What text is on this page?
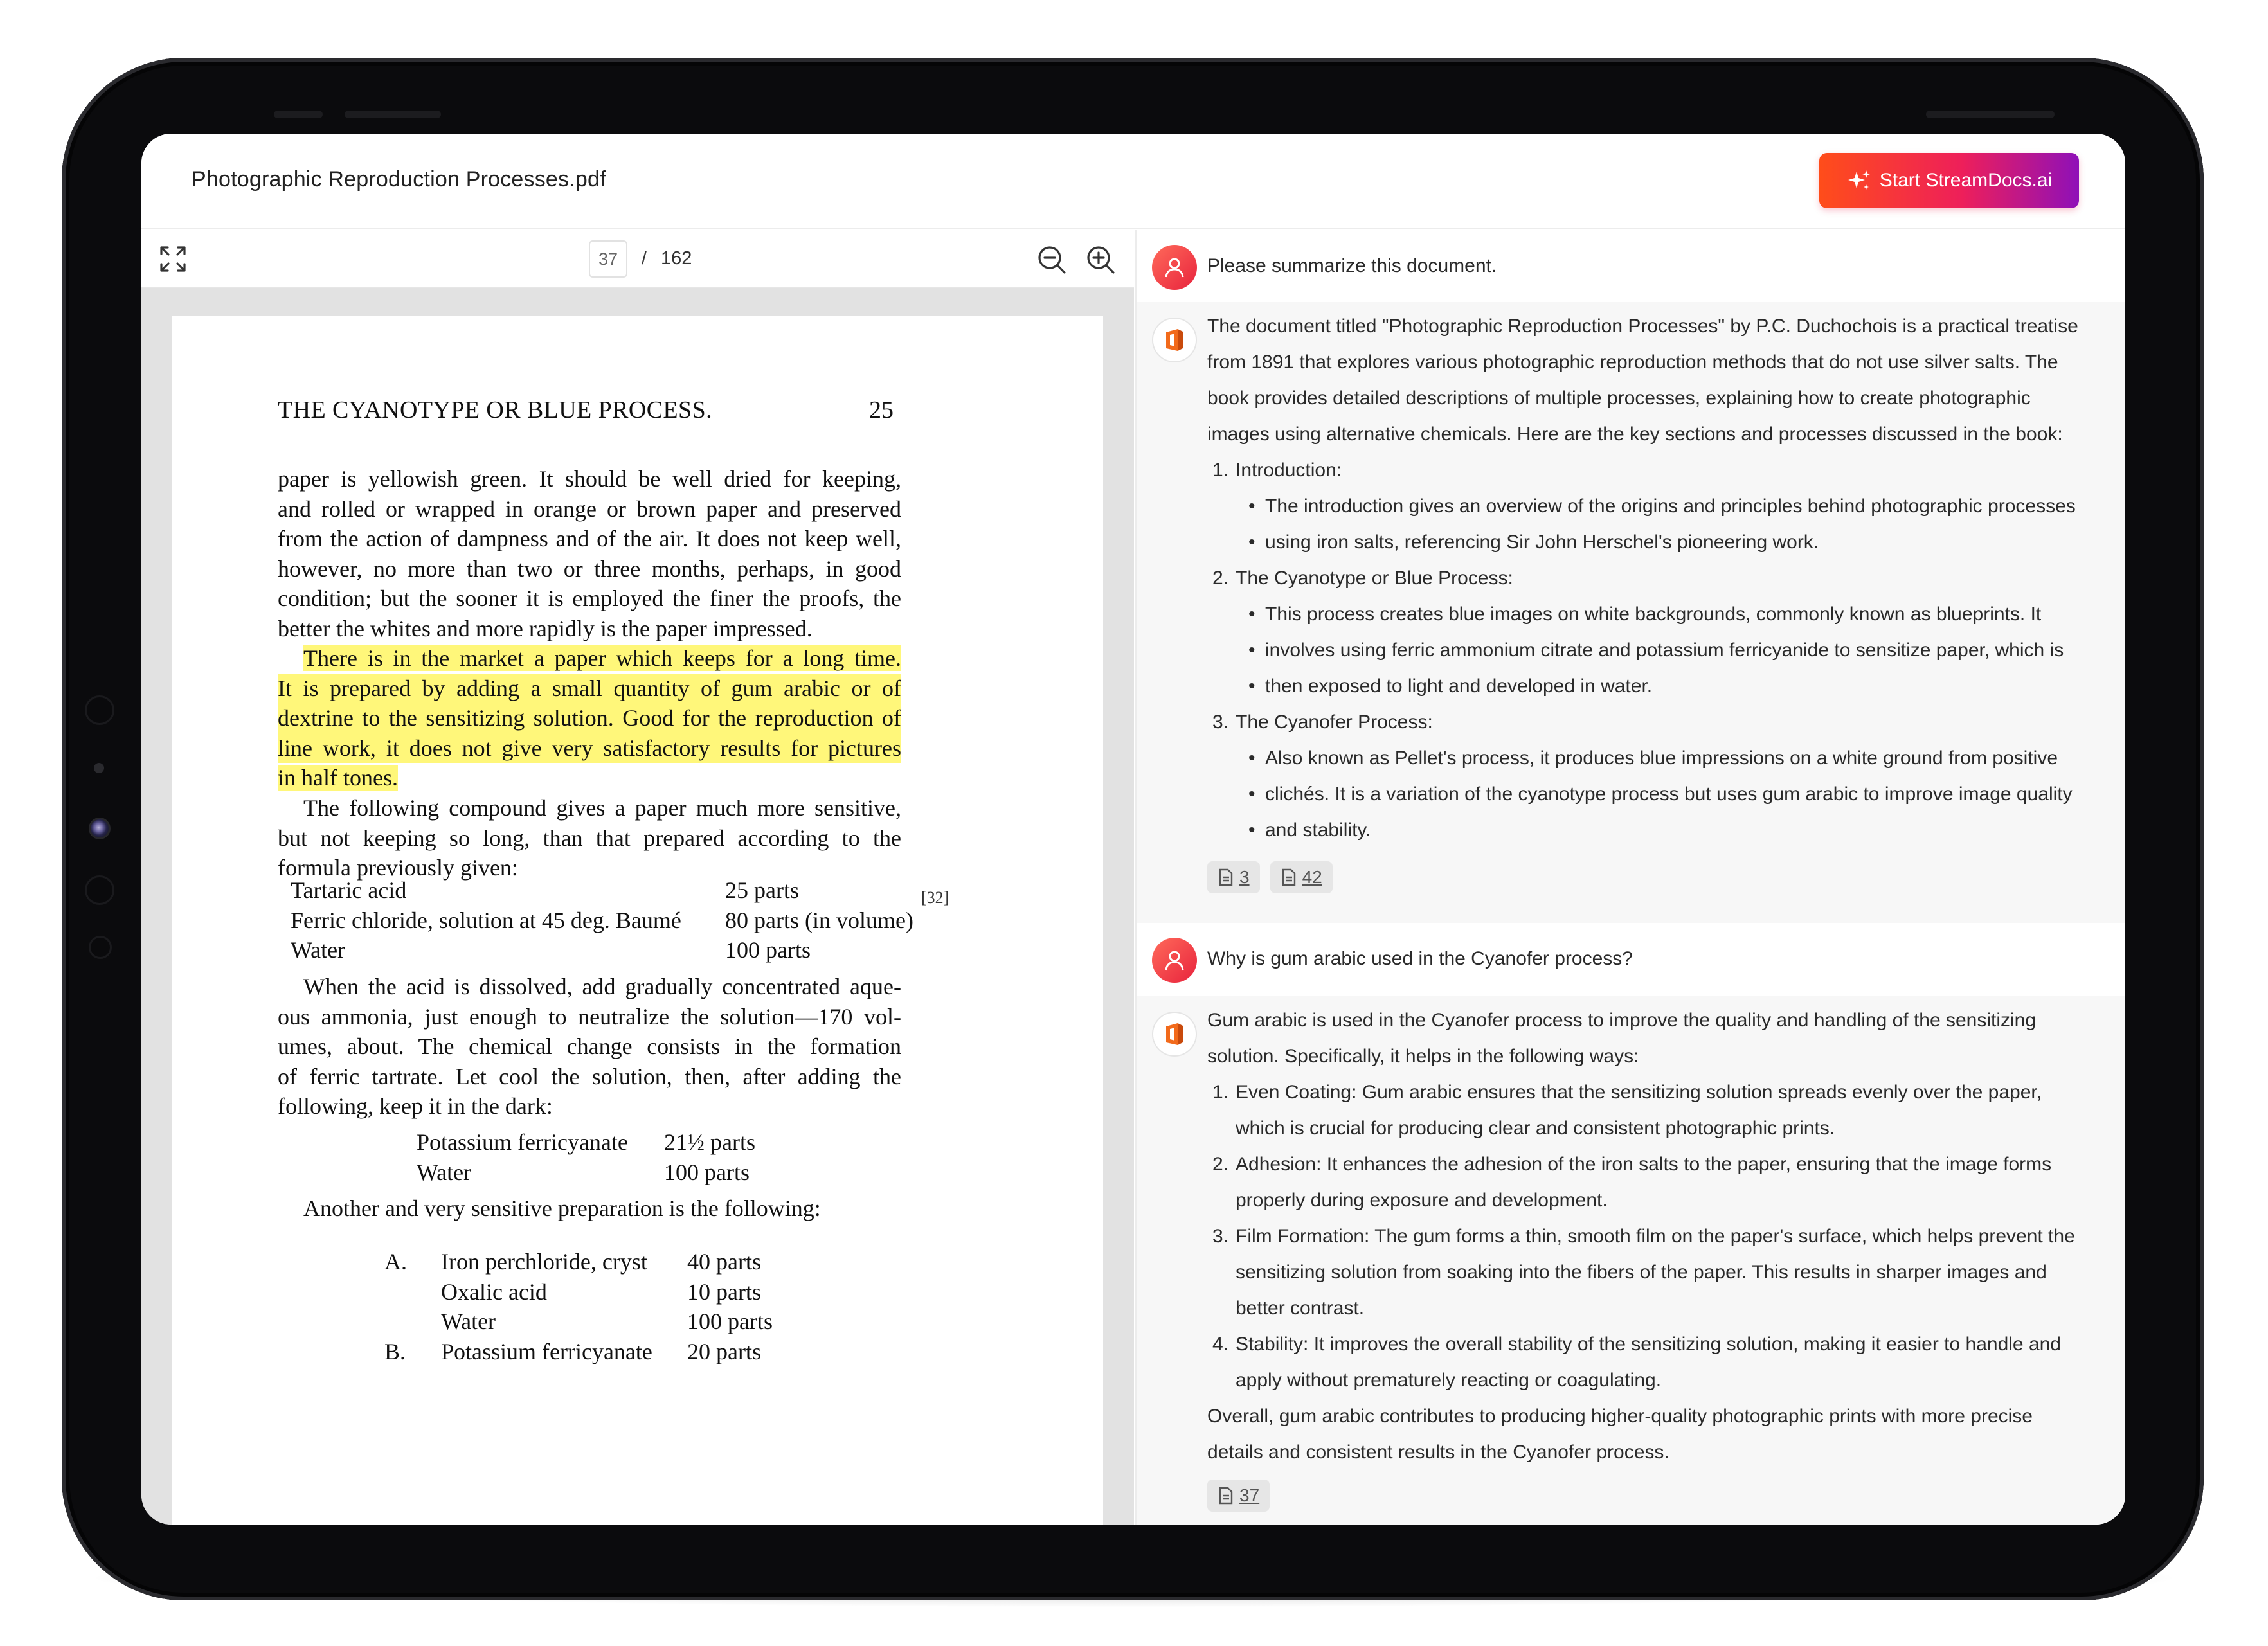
Photographic Reproduction Processes.pdf	Start StreamDocs.ai
37	/ 162
THE CYANOTYPE OR BLUE PROCESS.	25
paper is yellowish green. It should be well dried for keeping,
and rolled or wrapped in orange or brown paper and preserved
from the action of dampness and of the air. It does not keep well,
however, no more than two or three months, perhaps, in good
condition; but the sooner it is employed the finer the proofs, the
better the whites and more rapidly is the paper impressed.
There is in the market a paper which keeps for a long time.
It is prepared by adding a small quantity of gum arabic or of
dextrine to the sensitizing solution. Good for the reproduction of
line work, it does not give very satisfactory results for pictures
in half tones.
[32]
The following compound gives a paper much more sensitive,
but not keeping so long, than that prepared according to the
formula previously given:
Tartaric acid	25 parts
Ferric chloride, solution at 45 deg. Baumé	80 parts (in volume)
Water	100 parts
When the acid is dissolved, add gradually concentrated aque-
ous ammonia, just enough to neutralize the solution—170 vol-
umes, about. The chemical change consists in the formation
of ferric tartrate. Let cool the solution, then, after adding the
following, keep it in the dark:
Potassium ferricyanate	21½ parts
Water	100 parts
Another and very sensitive preparation is the following:
A.	Iron perchloride, cryst	40 parts
Oxalic acid	10 parts
Water	100 parts
B.	Potassium ferricyanate	20 parts
Please summarize this document.

The document titled "Photographic Reproduction Processes" by P.C. Duchochois is a practical treatise

from 1891 that explores various photographic reproduction methods that do not use silver salts. The

book provides detailed descriptions of multiple processes, explaining how to create photographic

images using alternative chemicals. Here are the key sections and processes discussed in the book:

1. Introduction:
• The introduction gives an overview of the origins and principles behind photographic processes
• using iron salts, referencing Sir John Herschel's pioneering work.
2. The Cyanotype or Blue Process:
• This process creates blue images on white backgrounds, commonly known as blueprints. It
• involves using ferric ammonium citrate and potassium ferricyanide to sensitize paper, which is
• then exposed to light and developed in water.
3. The Cyanofer Process:
• Also known as Pellet's process, it produces blue impressions on a white ground from positive
• clichés. It is a variation of the cyanotype process but uses gum arabic to improve image quality
• and stability.
3	42
Why is gum arabic used in the Cyanofer process?

Gum arabic is used in the Cyanofer process to improve the quality and handling of the sensitizing

solution. Specifically, it helps in the following ways:

1. Even Coating: Gum arabic ensures that the sensitizing solution spreads evenly over the paper,
which is crucial for producing clear and consistent photographic prints.
2. Adhesion: It enhances the adhesion of the iron salts to the paper, ensuring that the image forms
properly during exposure and development.
3. Film Formation: The gum forms a thin, smooth film on the paper's surface, which helps prevent the
sensitizing solution from soaking into the fibers of the paper. This results in sharper images and
better contrast.
4. Stability: It improves the overall stability of the sensitizing solution, making it easier to handle and
apply without prematurely reacting or coagulating.

Overall, gum arabic contributes to producing higher-quality photographic prints with more precise

details and consistent results in the Cyanofer process.

37
